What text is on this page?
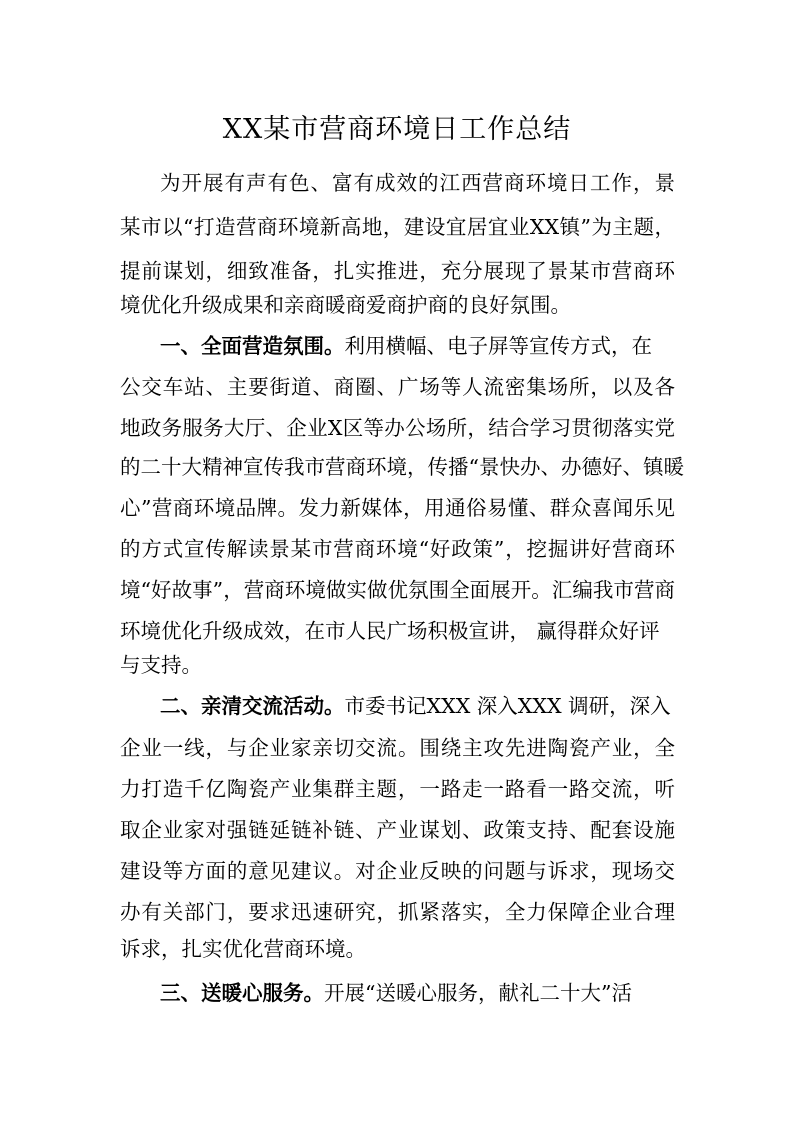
XX某市营商环境日工作总结
为开展有声有色、富有成效的江西营商环境日工作，景
某市以“打造营商环境新高地，建设宜居宜业XX镇”为主题，
提前谋划，细致准备，扎实推进，充分展现了景某市营商环
境优化升级成果和亲商暖商爱商护商的良好氛围。
一、全面营造氛围。利用横幅、电子屏等宣传方式，在
公交车站、主要街道、商圈、广场等人流密集场所，以及各
地政务服务大厅、企业X区等办公场所，结合学习贯彻落实党
的二十大精神宣传我市营商环境，传播“景快办、办德好、镇暖
心”营商环境品牌。发力新媒体，用通俗易懂、群众喜闻乐见
的方式宣传解读景某市营商环境“好政策”，挖掘讲好营商环
境“好故事”，营商环境做实做优氛围全面展开。汇编我市营商
环境优化升级成效，在市人民广场积极宣讲， 赢得群众好评
与支持。
二、亲清交流活动。市委书记XXX 深入XXX 调研，深入
企业一线，与企业家亲切交流。围绕主攻先进陶瓷产业，全
力打造千亿陶瓷产业集群主题，一路走一路看一路交流，听
取企业家对强链延链补链、产业谋划、政策支持、配套设施
建设等方面的意见建议。对企业反映的问题与诉求，现场交
办有关部门，要求迅速研究，抓紧落实，全力保障企业合理
诉求，扎实优化营商环境。
三、送暖心服务。开展“送暖心服务，献礼二十大”活
